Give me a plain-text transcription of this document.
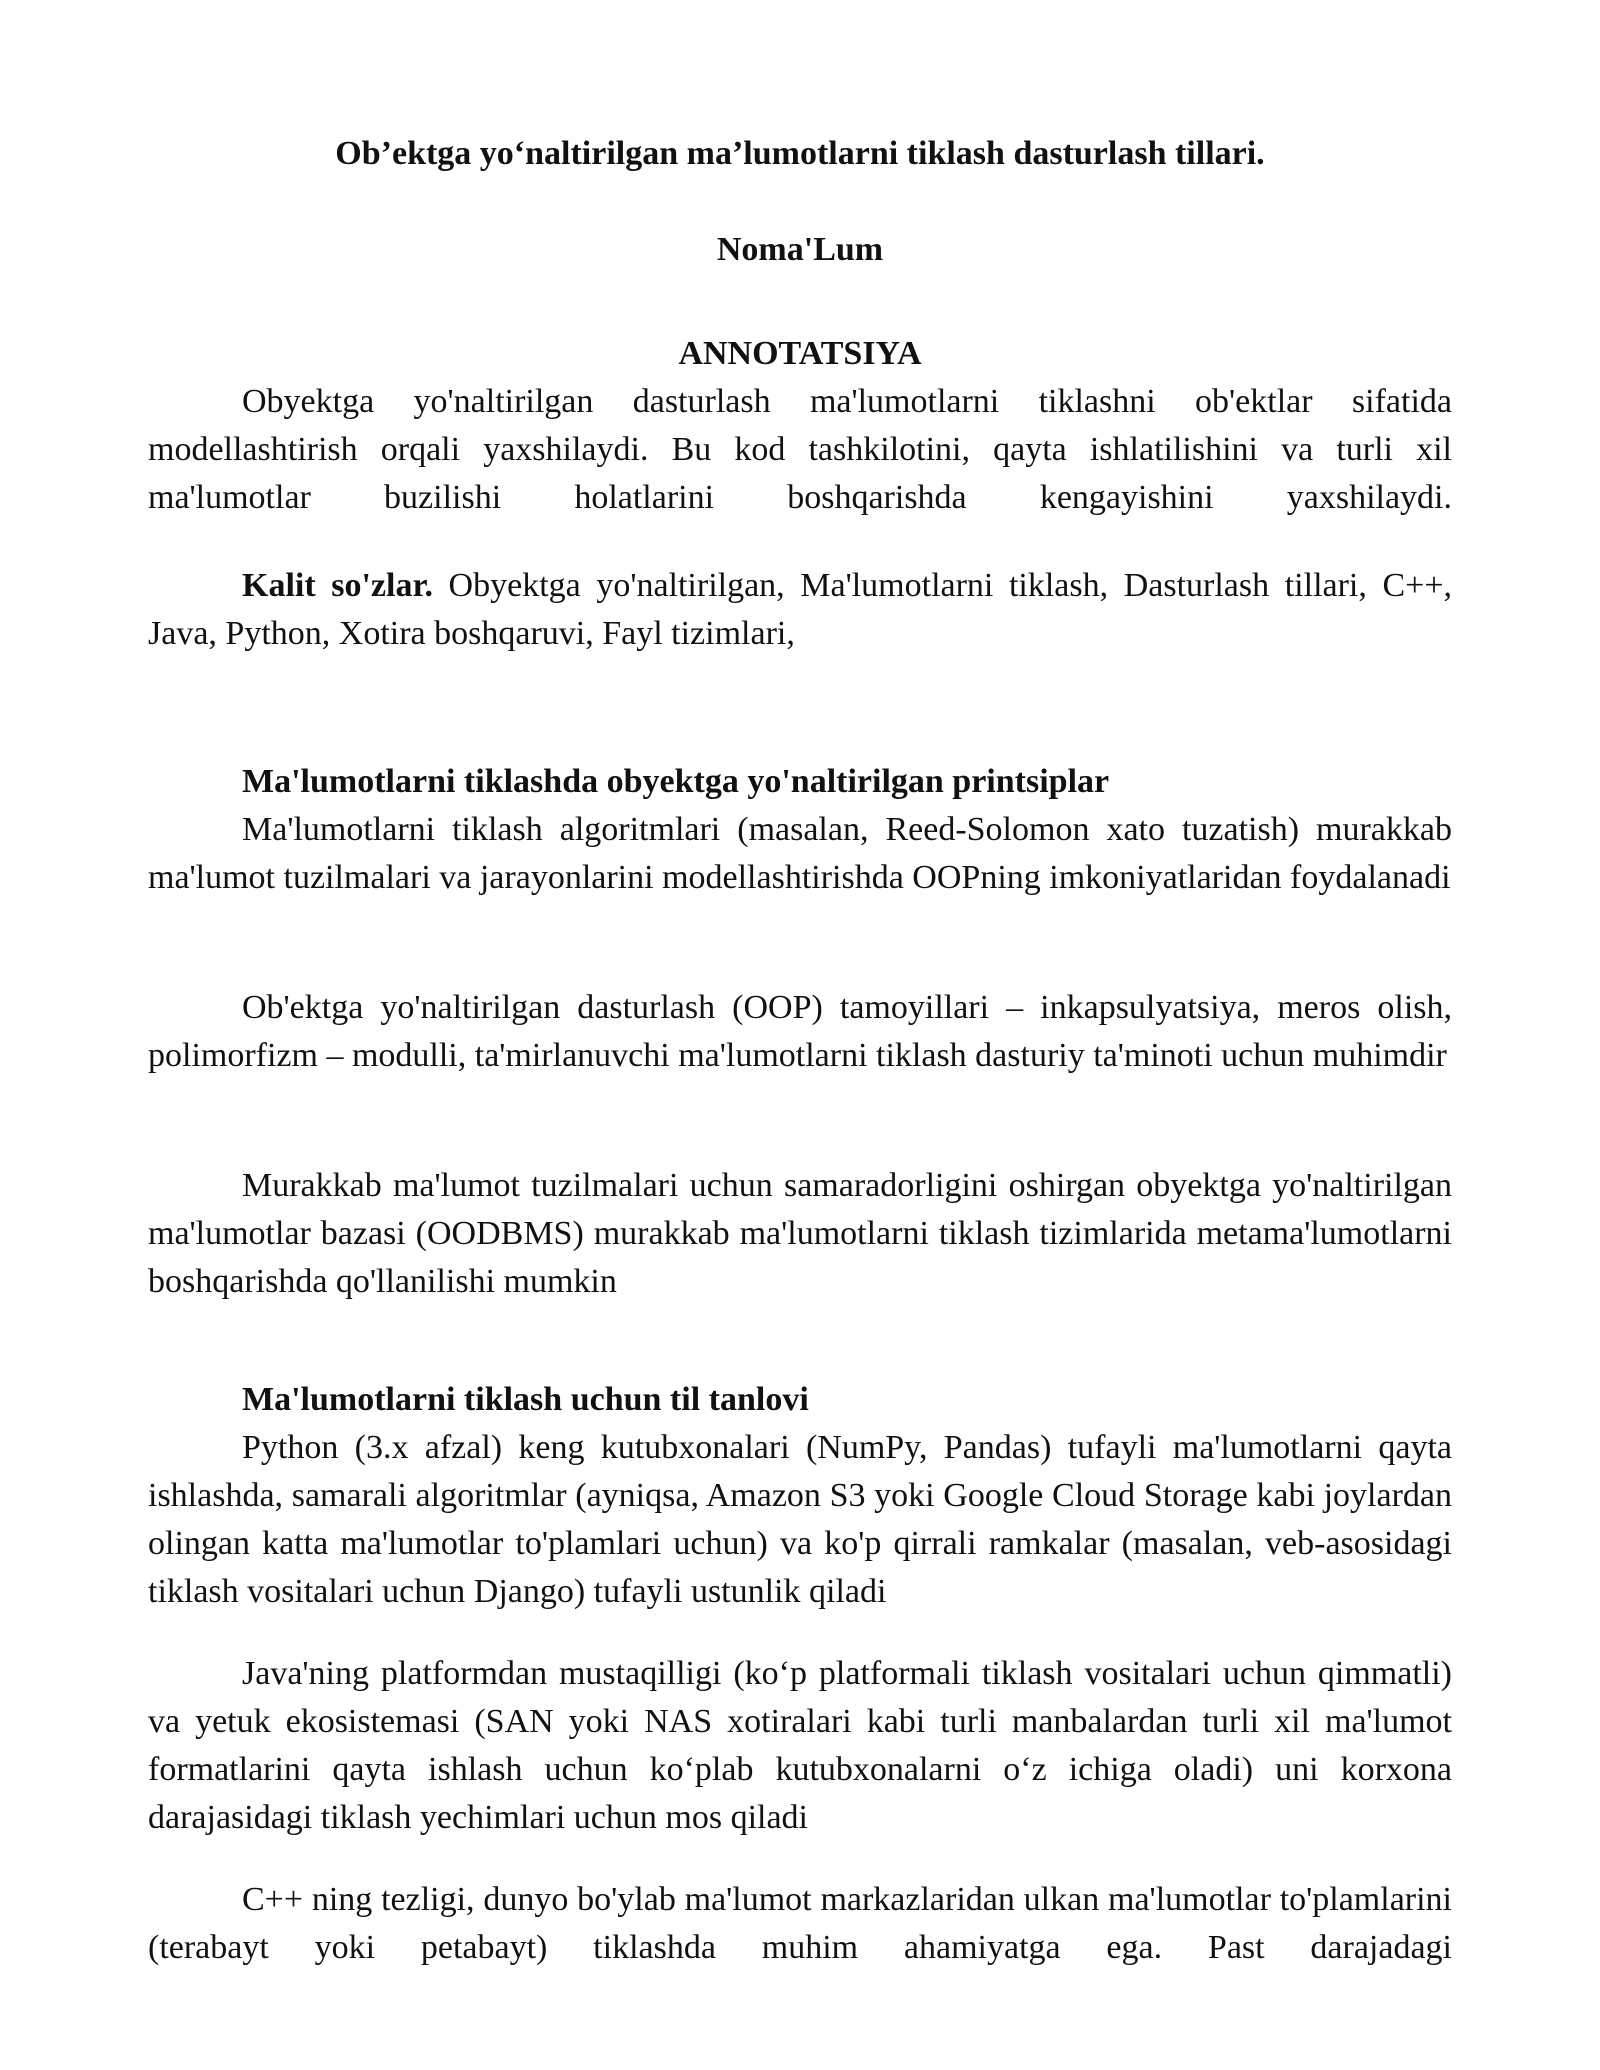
Ob’ektga yo‘naltirilgan ma’lumotlarni tiklash dasturlash tillari.

Noma'Lum

ANNOTATSIYA

Obyektga yo'naltirilgan dasturlash ma'lumotlarni tiklashni ob'ektlar sifatida modellashtirish orqali yaxshilaydi. Bu kod tashkilotini, qayta ishlatilishini va turli xil ma'lumotlar buzilishi holatlarini boshqarishda kengayishini yaxshilaydi.

Kalit so'zlar. Obyektga yo'naltirilgan, Ma'lumotlarni tiklash, Dasturlash tillari, C++, Java, Python, Xotira boshqaruvi, Fayl tizimlari,

Ma'lumotlarni tiklashda obyektga yo'naltirilgan printsiplar

Ma'lumotlarni tiklash algoritmlari (masalan, Reed-Solomon xato tuzatish) murakkab ma'lumot tuzilmalari va jarayonlarini modellashtirishda OOPning imkoniyatlaridan foydalanadi

Ob'ektga yo'naltirilgan dasturlash (OOP) tamoyillari – inkapsulyatsiya, meros olish, polimorfizm – modulli, ta'mirlanuvchi ma'lumotlarni tiklash dasturiy ta'minoti uchun muhimdir

Murakkab ma'lumot tuzilmalari uchun samaradorligini oshirgan obyektga yo'naltirilgan ma'lumotlar bazasi (OODBMS) murakkab ma'lumotlarni tiklash tizimlarida metama'lumotlarni boshqarishda qo'llanilishi mumkin

Ma'lumotlarni tiklash uchun til tanlovi

Python (3.x afzal) keng kutubxonalari (NumPy, Pandas) tufayli ma'lumotlarni qayta ishlashda, samarali algoritmlar (ayniqsa, Amazon S3 yoki Google Cloud Storage kabi joylardan olingan katta ma'lumotlar to'plamlari uchun) va ko'p qirrali ramkalar (masalan, veb-asosidagi tiklash vositalari uchun Django) tufayli ustunlik qiladi

Java'ning platformdan mustaqilligi (ko‘p platformali tiklash vositalari uchun qimmatli) va yetuk ekosistemasi (SAN yoki NAS xotiralari kabi turli manbalardan turli xil ma'lumot formatlarini qayta ishlash uchun ko‘plab kutubxonalarni o‘z ichiga oladi) uni korxona darajasidagi tiklash yechimlari uchun mos qiladi

C++ ning tezligi, dunyo bo'ylab ma'lumot markazlaridan ulkan ma'lumotlar to'plamlarini (terabayt yoki petabayt) tiklashda muhim ahamiyatga ega. Past darajadagi
